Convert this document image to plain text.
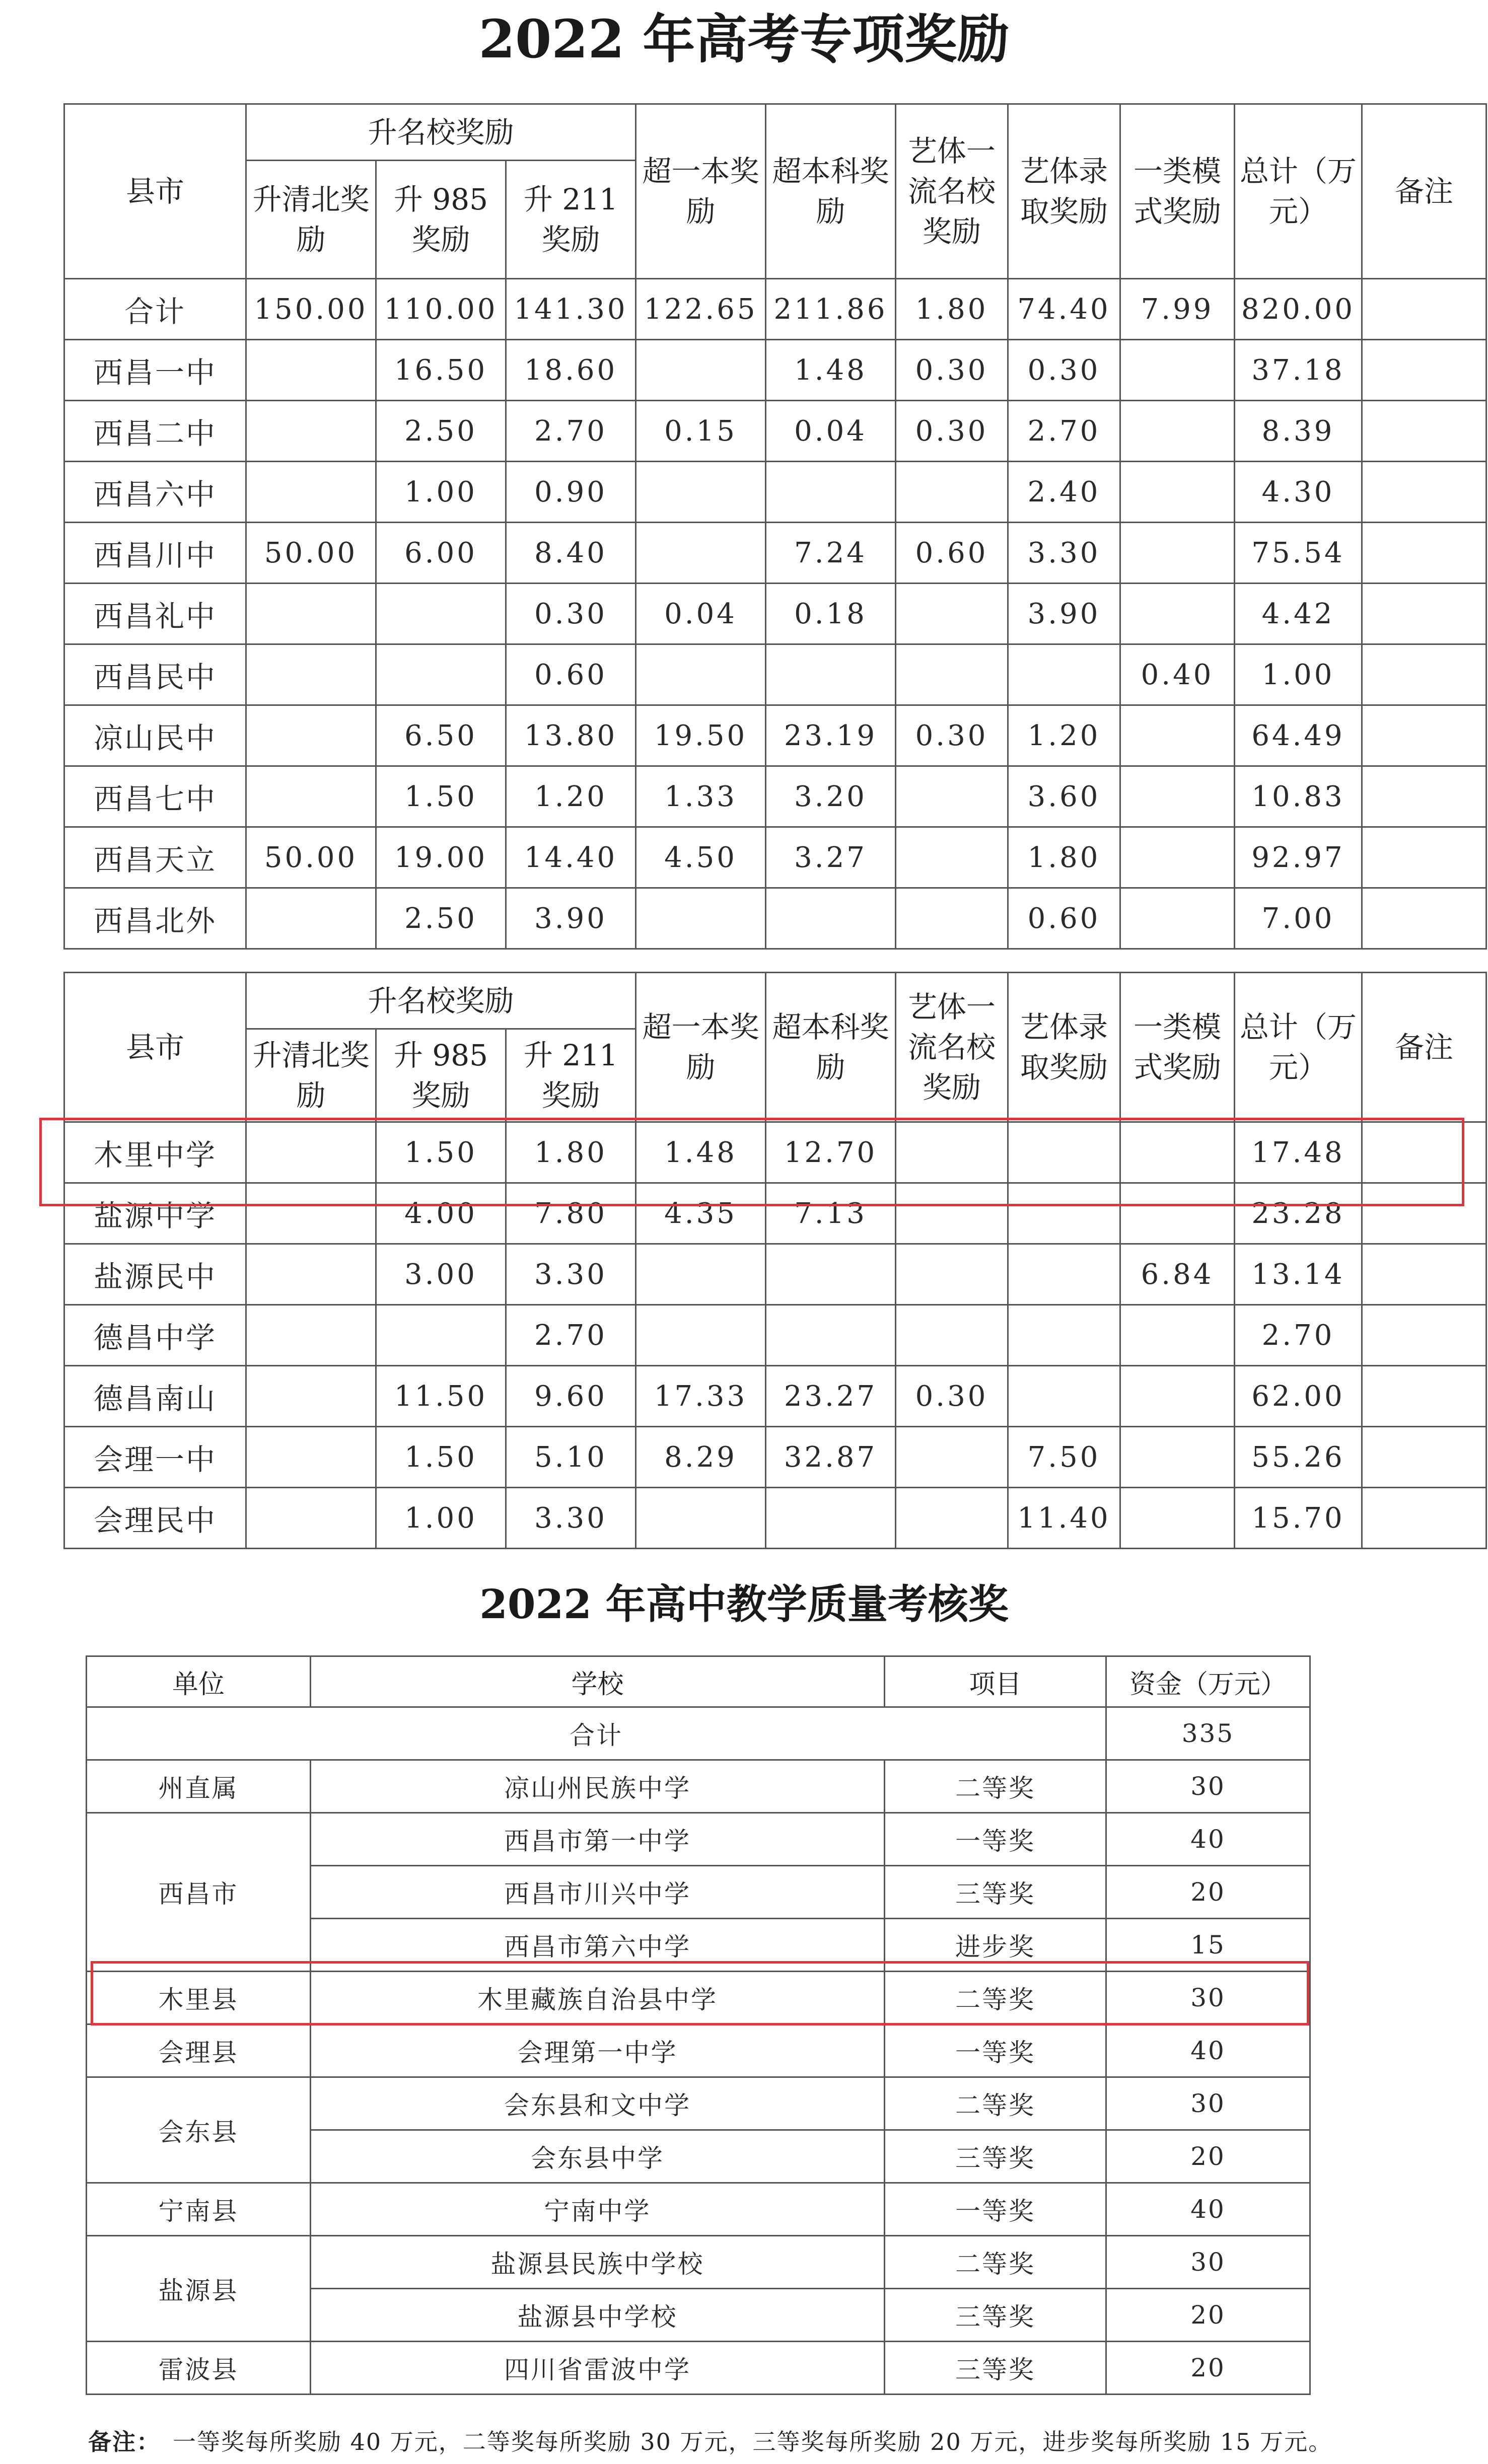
2022 年高考专项奖励
县市	升名校奖励			超一本奖励	超本科奖励	艺体一流名校奖励	艺体录取奖励	一类模式奖励	总计（万元）	备注
	升清北奖励	升 985 奖励	升 211 奖励							
合计	150.00	110.00	141.30	122.65	211.86	1.80	74.40	7.99	820.00	
西昌一中		16.50	18.60		1.48	0.30	0.30		37.18	
西昌二中		2.50	2.70	0.15	0.04	0.30	2.70		8.39	
西昌六中		1.00	0.90				2.40		4.30	
西昌川中	50.00	6.00	8.40		7.24	0.60	3.30		75.54	
西昌礼中			0.30	0.04	0.18		3.90		4.42	
西昌民中			0.60					0.40	1.00	
凉山民中		6.50	13.80	19.50	23.19	0.30	1.20		64.49	
西昌七中		1.50	1.20	1.33	3.20		3.60		10.83	
西昌天立	50.00	19.00	14.40	4.50	3.27		1.80		92.97	
西昌北外		2.50	3.90				0.60		7.00	
县市	升名校奖励			超一本奖励	超本科奖励	艺体一流名校奖励	艺体录取奖励	一类模式奖励	总计（万元）	备注
	升清北奖励	升 985 奖励	升 211 奖励							
木里中学		1.50	1.80	1.48	12.70				17.48	
盐源中学		4.00	7.80	4.35	7.13				23.28	
盐源民中		3.00	3.30					6.84	13.14	
德昌中学			2.70						2.70	
德昌南山		11.50	9.60	17.33	23.27	0.30			62.00	
会理一中		1.50	5.10	8.29	32.87		7.50		55.26	
会理民中		1.00	3.30				11.40		15.70	
2022 年高中教学质量考核奖
单位	学校	项目	资金（万元）
合计			335
州直属	凉山州民族中学	二等奖	30
西昌市	西昌市第一中学	一等奖	40
	西昌市川兴中学	三等奖	20
	西昌市第六中学	进步奖	15
木里县	木里藏族自治县中学	二等奖	30
会理县	会理第一中学	一等奖	40
会东县	会东县和文中学	二等奖	30
	会东县中学	三等奖	20
宁南县	宁南中学	一等奖	40
盐源县	盐源县民族中学校	二等奖	30
	盐源县中学校	三等奖	20
雷波县	四川省雷波中学	三等奖	20
备注： 一等奖每所奖励 40 万元，二等奖每所奖励 30 万元，三等奖每所奖励 20 万元，进步奖每所奖励 15 万元。
